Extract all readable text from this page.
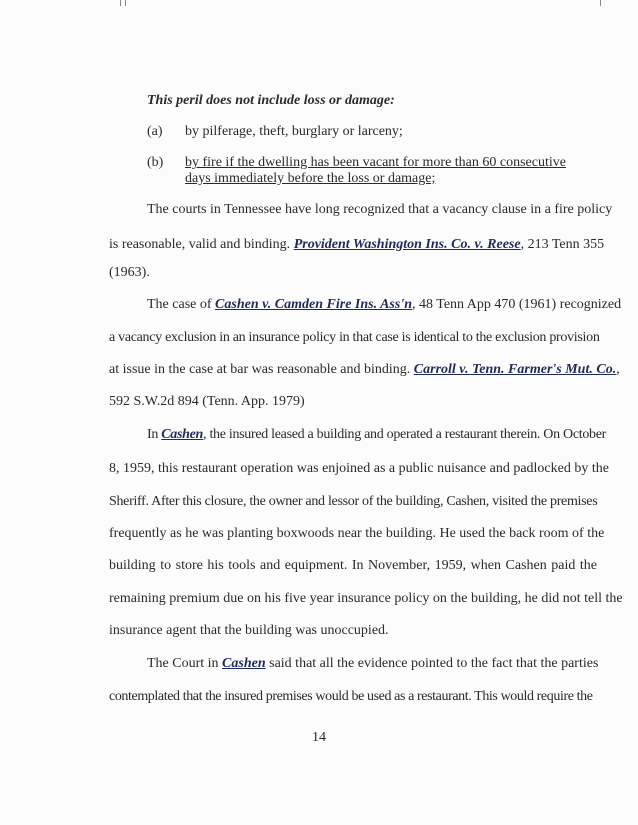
This peril does not include loss or damage:
(a)	by pilferage, theft, burglary or larceny;
(b)	by fire if the dwelling has been vacant for more than 60 consecutive
days immediately before the loss or damage;
The courts in Tennessee have long recognized that a vacancy clause in a fire policy
is reasonable, valid and binding. Provident Washington Ins. Co. v. Reese, 213 Tenn 355
(1963).
The case of Cashen v. Camden Fire Ins. Ass'n, 48 Tenn App 470 (1961) recognized
a vacancy exclusion in an insurance policy in that case is identical to the exclusion provision
at issue in the case at bar was reasonable and binding. Carroll v. Tenn. Farmer's Mut. Co.,
592 S.W.2d 894 (Tenn. App. 1979)
In Cashen, the insured leased a building and operated a restaurant therein. On October
8, 1959, this restaurant operation was enjoined as a public nuisance and padlocked by the
Sheriff. After this closure, the owner and lessor of the building, Cashen, visited the premises
frequently as he was planting boxwoods near the building. He used the back room of the
building to store his tools and equipment. In November, 1959, when Cashen paid the
remaining premium due on his five year insurance policy on the building, he did not tell the
insurance agent that the building was unoccupied.
The Court in Cashen said that all the evidence pointed to the fact that the parties
contemplated that the insured premises would be used as a restaurant. This would require the
14
